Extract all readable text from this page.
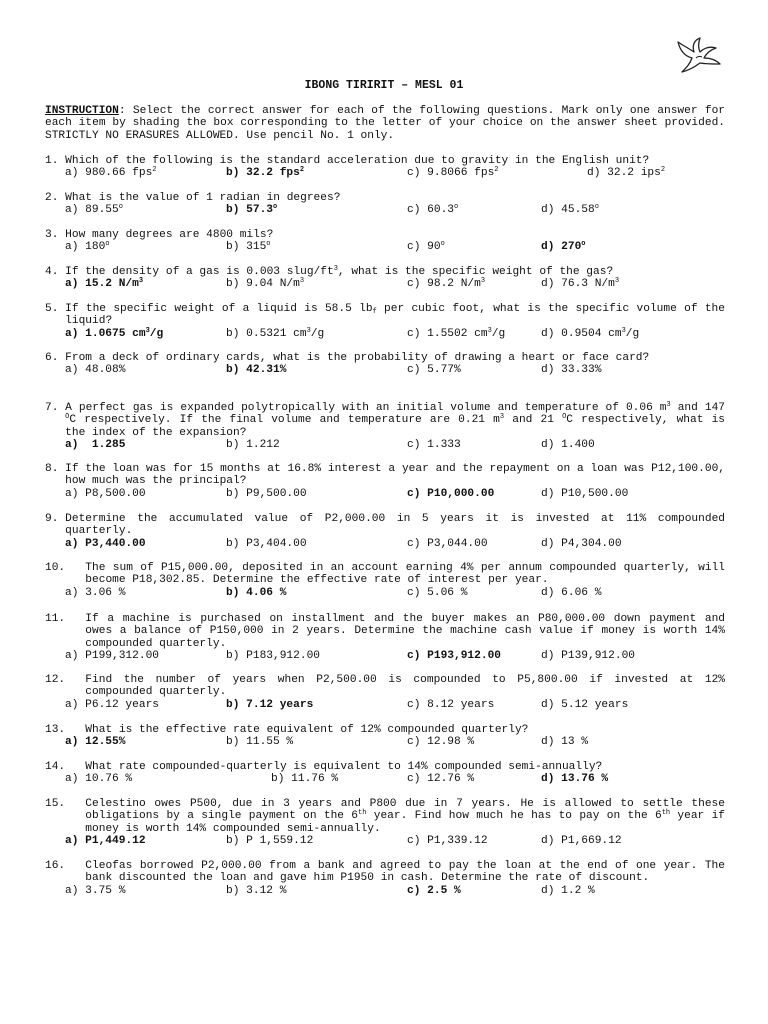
IBONG TIRIRIT – MESL 01
INSTRUCTION: Select the correct answer for each of the following questions. Mark only one answer for each item by shading the box corresponding to the letter of your choice on the answer sheet provided. STRICTLY NO ERASURES ALLOWED. Use pencil No. 1 only.
1. Which of the following is the standard acceleration due to gravity in the English unit?
a) 980.66 fps$^2$	b) 32.2 fps$^2$	c) 9.8066 fps$^2$	d) 32.2 ips$^2$
2. What is the value of 1 radian in degrees?
a) 89.55$^o$	b) 57.3$^o$	c) 60.3$^o$	d) 45.58$^o$
3. How many degrees are 4800 mils?
a) 180$^o$	b) 315$^o$	c) 90$^o$	d) 270$^o$
4. If the density of a gas is 0.003 slug/$ft^3$, what is the specific weight of the gas?
a) 15.2 $N/m^3$	b) 9.04 $N/m^3$	c) 98.2 $N/m^3$	d) 76.3 $N/m^3$
5. If the specific weight of a liquid is 58.5 $lb_f$ per cubic foot, what is the specific volume of the liquid?
a) 1.0675 $cm^3/g$	b) 0.5321 $cm^3/g$	c) 1.5502 $cm^3/g$	d) 0.9504 $cm^3/g$
6. From a deck of ordinary cards, what is the probability of drawing a heart or face card?
a) 48.08%	b) 42.31%	c) 5.77%	d) 33.33%
7. A perfect gas is expanded polytropically with an initial volume and temperature of 0.06 $m^3$ and 147 $^O$C respectively. If the final volume and temperature are 0.21 $m^3$ and 21 $^O$C respectively, what is the index of the expansion?
a)  1.285	b) 1.212	c) 1.333	d) 1.400
8. If the loan was for 15 months at 16.8% interest a year and the repayment on a loan was P12,100.00, how much was the principal?
a) P8,500.00	b) P9,500.00	c) P10,000.00	d) P10,500.00
9. Determine the accumulated value of P2,000.00 in 5 years it is invested at 11% compounded quarterly.
a) P3,440.00	b) P3,404.00	c) P3,044.00	d) P4,304.00
10. The sum of P15,000.00, deposited in an account earning 4% per annum compounded quarterly, will become P18,302.85. Determine the effective rate of interest per year.
a) 3.06 %	b) 4.06 %	c) 5.06 %	d) 6.06 %
11. If a machine is purchased on installment and the buyer makes an P80,000.00 down payment and owes a balance of P150,000 in 2 years. Determine the machine cash value if money is worth 14% compounded quarterly.
a) P199,312.00	b) P183,912.00	c) P193,912.00	d) P139,912.00
12. Find the number of years when P2,500.00 is compounded to P5,800.00 if invested at 12% compounded quarterly.
a) P6.12 years	b) 7.12 years	c) 8.12 years	d) 5.12 years
13. What is the effective rate equivalent of 12% compounded quarterly?
a) 12.55%	b) 11.55 %	c) 12.98 %	d) 13 %
14. What rate compounded-quarterly is equivalent to 14% compounded semi-annually?
a) 10.76 %	b) 11.76 %	c) 12.76 %	d) 13.76 %
15. Celestino owes P500, due in 3 years and P800 due in 7 years. He is allowed to settle these obligations by a single payment on the 6th year. Find how much he has to pay on the 6th year if money is worth 14% compounded semi-annually.
a) P1,449.12	b) P 1,559.12	c) P1,339.12	d) P1,669.12
16. Cleofas borrowed P2,000.00 from a bank and agreed to pay the loan at the end of one year. The bank discounted the loan and gave him P1950 in cash. Determine the rate of discount.
a) 3.75 %	b) 3.12 %	c) 2.5 %	d) 1.2 %
